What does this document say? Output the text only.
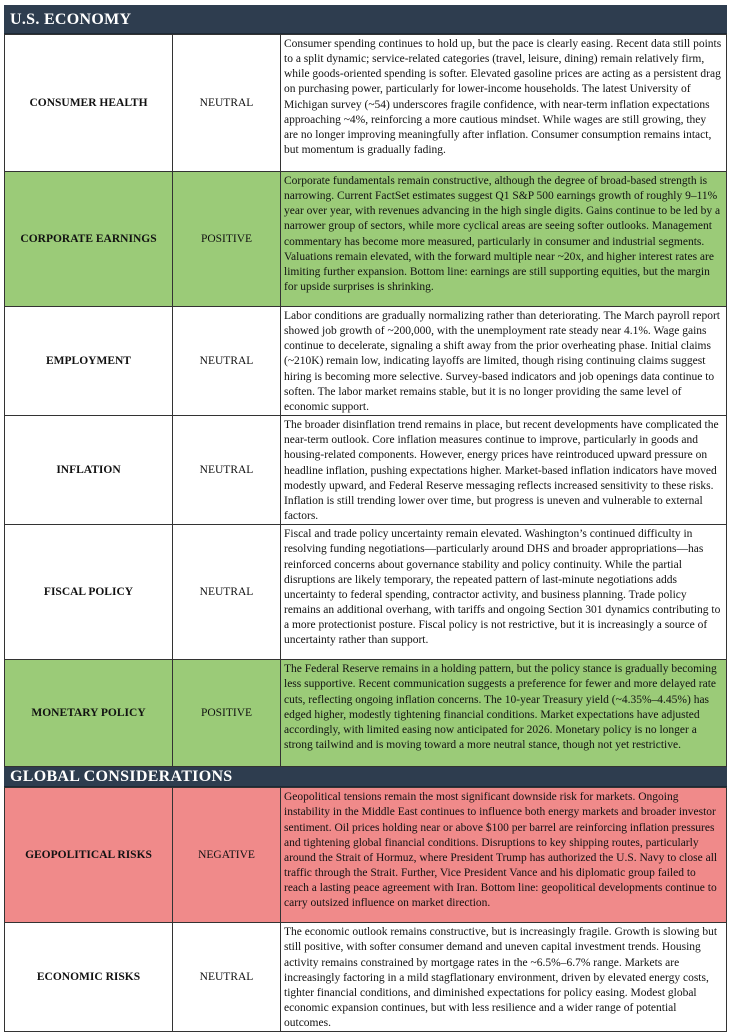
U.S. ECONOMY
CONSUMER HEALTH	NEUTRAL	Consumer spending continues to hold up, but the pace is clearly easing. Recent data still points to a split dynamic; service-related categories (travel, leisure, dining) remain relatively firm, while goods-oriented spending is softer. Elevated gasoline prices are acting as a persistent drag on purchasing power, particularly for lower-income households. The latest University of Michigan survey (~54) underscores fragile confidence, with near-term inflation expectations approaching ~4%, reinforcing a more cautious mindset. While wages are still growing, they are no longer improving meaningfully after inflation. Consumer consumption remains intact, but momentum is gradually fading.
CORPORATE EARNINGS	POSITIVE	Corporate fundamentals remain constructive, although the degree of broad-based strength is narrowing. Current FactSet estimates suggest Q1 S&P 500 earnings growth of roughly 9–11% year over year, with revenues advancing in the high single digits. Gains continue to be led by a narrower group of sectors, while more cyclical areas are seeing softer outlooks. Management commentary has become more measured, particularly in consumer and industrial segments. Valuations remain elevated, with the forward multiple near ~20x, and higher interest rates are limiting further expansion. Bottom line: earnings are still supporting equities, but the margin for upside surprises is shrinking.
EMPLOYMENT	NEUTRAL	Labor conditions are gradually normalizing rather than deteriorating. The March payroll report showed job growth of ~200,000, with the unemployment rate steady near 4.1%. Wage gains continue to decelerate, signaling a shift away from the prior overheating phase. Initial claims (~210K) remain low, indicating layoffs are limited, though rising continuing claims suggest hiring is becoming more selective. Survey-based indicators and job openings data continue to soften. The labor market remains stable, but it is no longer providing the same level of economic support.
INFLATION	NEUTRAL	The broader disinflation trend remains in place, but recent developments have complicated the near-term outlook. Core inflation measures continue to improve, particularly in goods and housing-related components. However, energy prices have reintroduced upward pressure on headline inflation, pushing expectations higher. Market-based inflation indicators have moved modestly upward, and Federal Reserve messaging reflects increased sensitivity to these risks. Inflation is still trending lower over time, but progress is uneven and vulnerable to external factors.
FISCAL POLICY	NEUTRAL	Fiscal and trade policy uncertainty remain elevated. Washington’s continued difficulty in resolving funding negotiations—particularly around DHS and broader appropriations—has reinforced concerns about governance stability and policy continuity. While the partial disruptions are likely temporary, the repeated pattern of last-minute negotiations adds uncertainty to federal spending, contractor activity, and business planning. Trade policy remains an additional overhang, with tariffs and ongoing Section 301 dynamics contributing to a more protectionist posture. Fiscal policy is not restrictive, but it is increasingly a source of uncertainty rather than support.
MONETARY POLICY	POSITIVE	The Federal Reserve remains in a holding pattern, but the policy stance is gradually becoming less supportive. Recent communication suggests a preference for fewer and more delayed rate cuts, reflecting ongoing inflation concerns. The 10-year Treasury yield (~4.35%–4.45%) has edged higher, modestly tightening financial conditions. Market expectations have adjusted accordingly, with limited easing now anticipated for 2026. Monetary policy is no longer a strong tailwind and is moving toward a more neutral stance, though not yet restrictive.
GLOBAL CONSIDERATIONS
GEOPOLITICAL RISKS	NEGATIVE	Geopolitical tensions remain the most significant downside risk for markets. Ongoing instability in the Middle East continues to influence both energy markets and broader investor sentiment. Oil prices holding near or above $100 per barrel are reinforcing inflation pressures and tightening global financial conditions. Disruptions to key shipping routes, particularly around the Strait of Hormuz, where President Trump has authorized the U.S. Navy to close all traffic through the Strait. Further, Vice President Vance and his diplomatic group failed to reach a lasting peace agreement with Iran. Bottom line: geopolitical developments continue to carry outsized influence on market direction.
ECONOMIC RISKS	NEUTRAL	The economic outlook remains constructive, but is increasingly fragile. Growth is slowing but still positive, with softer consumer demand and uneven capital investment trends. Housing activity remains constrained by mortgage rates in the ~6.5%–6.7% range. Markets are increasingly factoring in a mild stagflationary environment, driven by elevated energy costs, tighter financial conditions, and diminished expectations for policy easing. Modest global economic expansion continues, but with less resilience and a wider range of potential outcomes.
